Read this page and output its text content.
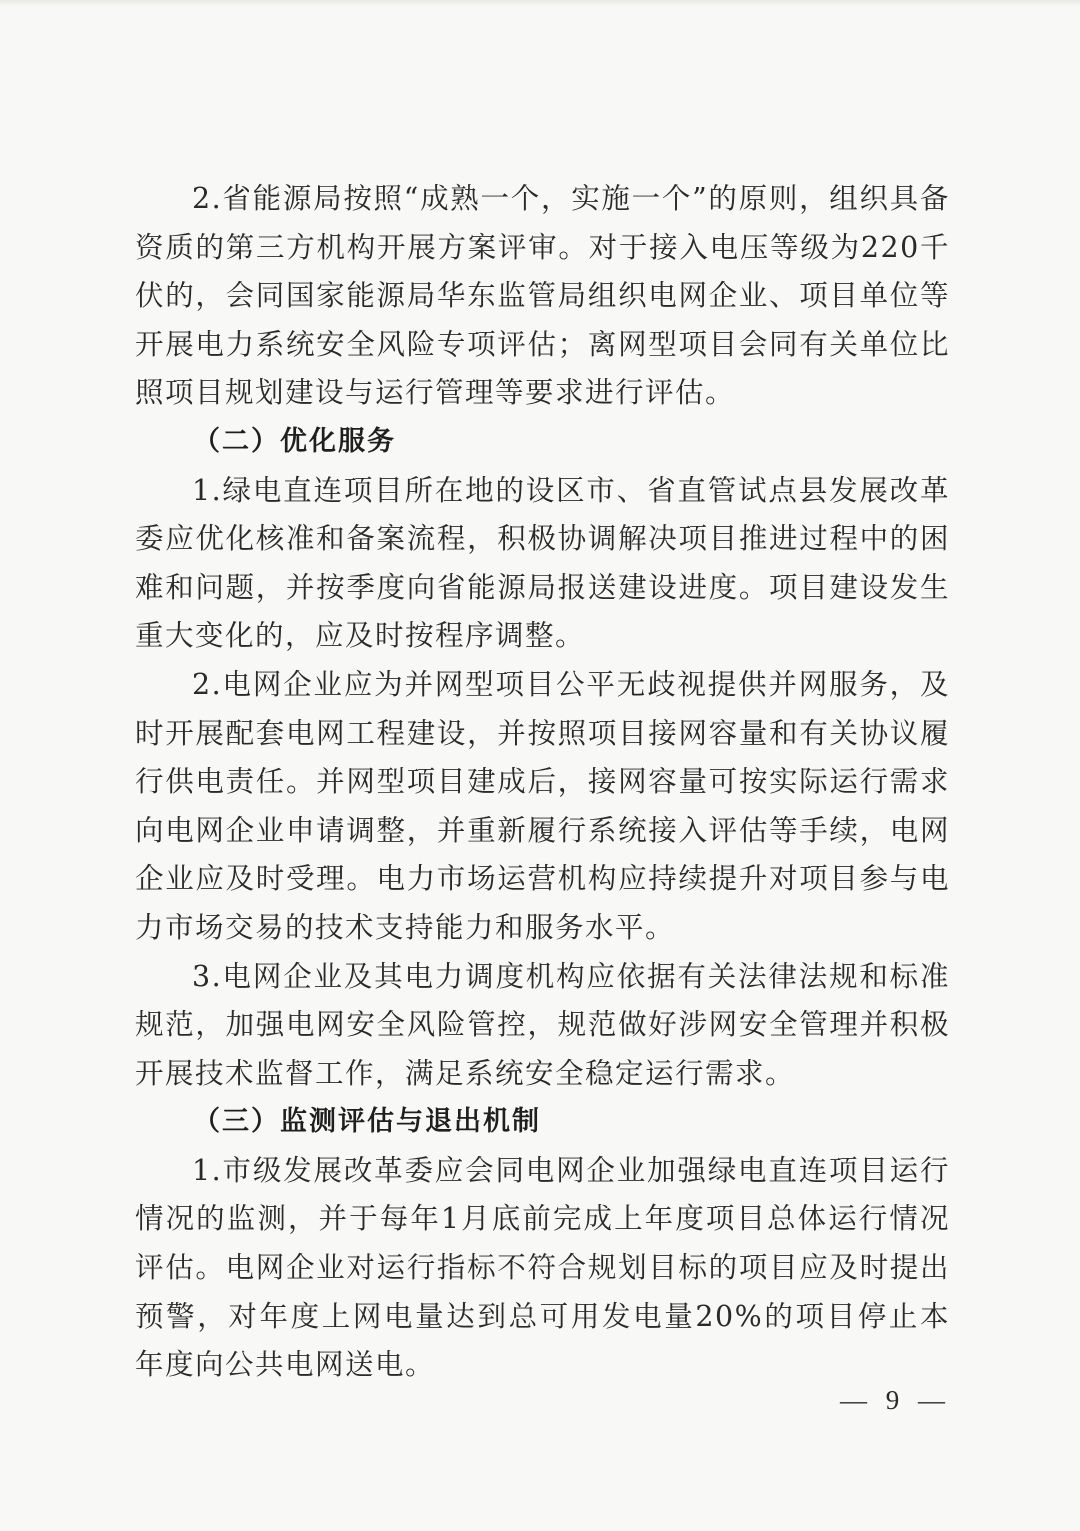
2.省能源局按照“成熟一个，实施一个”的原则，组织具备资质的第三方机构开展方案评审。对于接入电压等级为220千伏的，会同国家能源局华东监管局组织电网企业、项目单位等开展电力系统安全风险专项评估；离网型项目会同有关单位比照项目规划建设与运行管理等要求进行评估。

（二）优化服务

1.绿电直连项目所在地的设区市、省直管试点县发展改革委应优化核准和备案流程，积极协调解决项目推进过程中的困难和问题，并按季度向省能源局报送建设进度。项目建设发生重大变化的，应及时按程序调整。

2.电网企业应为并网型项目公平无歧视提供并网服务，及时开展配套电网工程建设，并按照项目接网容量和有关协议履行供电责任。并网型项目建成后，接网容量可按实际运行需求向电网企业申请调整，并重新履行系统接入评估等手续，电网企业应及时受理。电力市场运营机构应持续提升对项目参与电力市场交易的技术支持能力和服务水平。

3.电网企业及其电力调度机构应依据有关法律法规和标准规范，加强电网安全风险管控，规范做好涉网安全管理并积极开展技术监督工作，满足系统安全稳定运行需求。

（三）监测评估与退出机制

1.市级发展改革委应会同电网企业加强绿电直连项目运行情况的监测，并于每年1月底前完成上年度项目总体运行情况评估。电网企业对运行指标不符合规划目标的项目应及时提出预警，对年度上网电量达到总可用发电量20%的项目停止本年度向公共电网送电。

— 9 —
